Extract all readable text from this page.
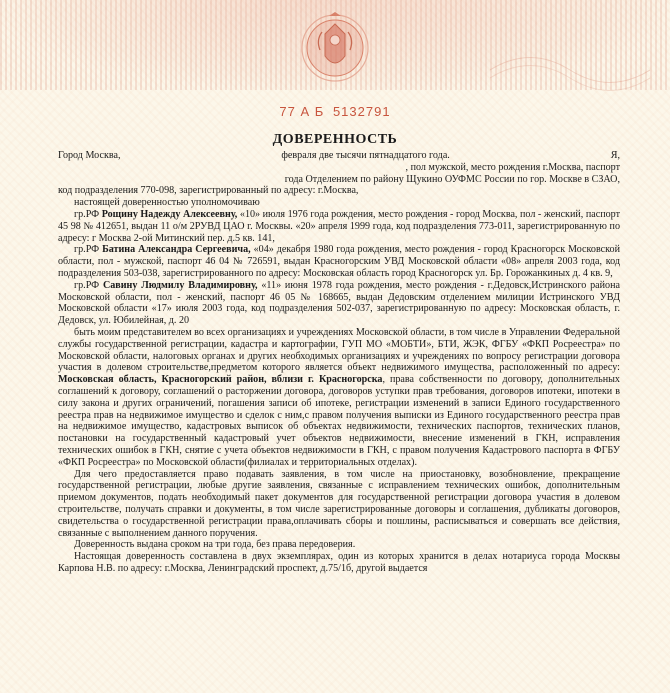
77 А Б 5132791
ДОВЕРЕННОСТЬ

Город Москва,	февраля две тысячи пятнадцатого года.	Я,

, пол мужской, место рождения г.Москва, паспорт

года Отделением по району Щукино ОУФМС России по гор. Москве в СЗАО,

код подразделения 770-098, зарегистрированный по адресу: г.Москва,

настоящей доверенностью уполномочиваю

гр.РФ Рощину Надежду Алексеевну, «10» июля 1976 года рождения, место рождения - город Москва, пол - женский, паспорт 45 98 № 412651, выдан 11 о/м 2РУВД ЦАО г. Москвы. «20» апреля 1999 года, код подразделения 773-011, зарегистрированную по адресу: г Москва 2-ой Митинский пер. д.5 кв. 141,

гр.РФ Батина Александра Сергеевича, «04» декабря 1980 года рождения, место рождения - город Красногорск Московской области, пол - мужской, паспорт 46 04 № 726591, выдан Красногорским УВД Московской области «08» апреля 2003 года, код подразделения 503-038, зарегистрированного по адресу: Московская область город Красногорск ул. Бр. Горожанкиных д. 4 кв. 9,

гр.РФ Савину Людмилу Владимировну, «11» июня 1978 года рождения, место рождения - г.Дедовск,Истринского района Московской области, пол - женский, паспорт 46 05 № 168665, выдан Дедовским отделением милиции Истринского УВД Московской области «17» июля 2003 года, код подразделения 502-037, зарегистрированную по адресу: Московская область, г. Дедовск, ул. Юбилейная, д. 20

быть моим представителем во всех организациях и учреждениях Московской области, в том числе в Управлении Федеральной службы государственной регистрации, кадастра и картографии, ГУП МО «МОБТИ», БТИ, ЖЭК, ФГБУ «ФКП Росреестра» по Московской области, налоговых органах и других необходимых организациях и учреждениях по вопросу регистрации договора участия в долевом строительстве,предметом которого является объект недвижимого имущества, расположенный по адресу: Московская область, Красногорский район, вблизи г. Красногорска, права собственности по договору, дополнительных соглашений к договору, соглашений о расторжении договора, договоров уступки прав требования, договоров ипотеки, ипотеки в силу закона и других ограничений, погашения записи об ипотеке, регистрации изменений в записи Единого государственного реестра прав на недвижимое имущество и сделок с ним,с правом получения выписки из Единого государственного реестра прав на недвижимое имущество, кадастровых выписок об объектах недвижимости, технических паспортов, технических планов, постановки на государственный кадастровый учет объектов недвижимости, внесение изменений в ГКН, исправления технических ошибок в ГКН, снятие с учета объектов недвижимости в ГКН, с правом получения Кадастрового паспорта в ФГБУ «ФКП Росреестра» по Московской области(филиалах и территориальных отделах).

Для чего предоставляется право подавать заявления, в том числе на приостановку, возобновление, прекращение государственной регистрации, любые другие заявления, связанные с исправлением технических ошибок, дополнительным приемом документов, подать необходимый пакет документов для государственной регистрации договора участия в долевом строительстве, получать справки и документы, в том числе зарегистрированные договоры и соглашения, дубликаты договоров, свидетельства о государственной регистрации права,оплачивать сборы и пошлины, расписываться и совершать все действия, связанные с выполнением данного поручения.

Доверенность выдана сроком на три года, без права передоверия.

Настоящая доверенность составлена в двух экземплярах, один из которых хранится в делах нотариуса города Москвы Карпова Н.В. по адресу: г.Москва, Ленинградский проспект, д.75/1б, другой выдается
